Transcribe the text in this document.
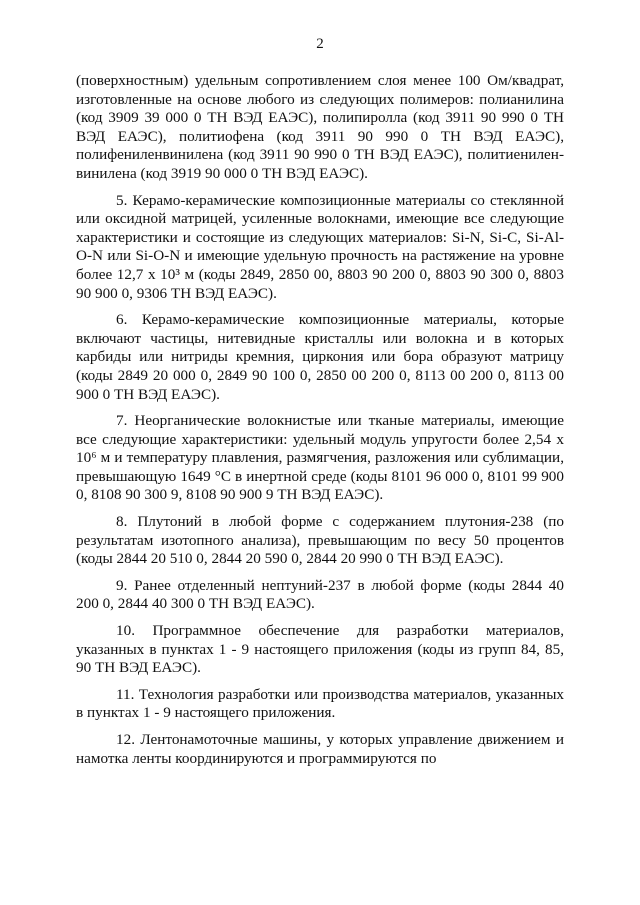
2

(поверхностным) удельным сопротивлением слоя менее 100 Ом/квадрат, изготовленные на основе любого из следующих полимеров: полианилина (код 3909 39 000 0 ТН ВЭД ЕАЭС), полипиролла (код 3911 90 990 0 ТН ВЭД ЕАЭС), политиофена (код 3911 90 990 0 ТН ВЭД ЕАЭС), полифениленвинилена (код 3911 90 990 0 ТН ВЭД ЕАЭС), политиениленвинилена (код 3919 90 000 0 ТН ВЭД ЕАЭС).

5. Керамо-керамические композиционные материалы со стеклянной или оксидной матрицей, усиленные волокнами, имеющие все следующие характеристики и состоящие из следующих материалов: Si-N, Si-C, Si-Al-O-N или Si-O-N и имеющие удельную прочность на растяжение на уровне более 12,7 x 10³ м (коды 2849, 2850 00, 8803 90 200 0, 8803 90 300 0, 8803 90 900 0, 9306 ТН ВЭД ЕАЭС).

6. Керамо-керамические композиционные материалы, которые включают частицы, нитевидные кристаллы или волокна и в которых карбиды или нитриды кремния, циркония или бора образуют матрицу (коды 2849 20 000 0, 2849 90 100 0, 2850 00 200 0, 8113 00 200 0, 8113 00 900 0 ТН ВЭД ЕАЭС).

7. Неорганические волокнистые или тканые материалы, имеющие все следующие характеристики: удельный модуль упругости более 2,54 x 10⁶ м и температуру плавления, размягчения, разложения или сублимации, превышающую 1649 °С в инертной среде (коды 8101 96 000 0, 8101 99 900 0, 8108 90 300 9, 8108 90 900 9 ТН ВЭД ЕАЭС).

8. Плутоний в любой форме с содержанием плутония-238 (по результатам изотопного анализа), превышающим по весу 50 процентов (коды 2844 20 510 0, 2844 20 590 0, 2844 20 990 0 ТН ВЭД ЕАЭС).

9. Ранее отделенный нептуний-237 в любой форме (коды 2844 40 200 0, 2844 40 300 0 ТН ВЭД ЕАЭС).

10. Программное обеспечение для разработки материалов, указанных в пунктах 1 - 9 настоящего приложения (коды из групп 84, 85, 90 ТН ВЭД ЕАЭС).

11. Технология разработки или производства материалов, указанных в пунктах 1 - 9 настоящего приложения.

12. Лентонамоточные машины, у которых управление движением и намотка ленты координируются и программируются по
